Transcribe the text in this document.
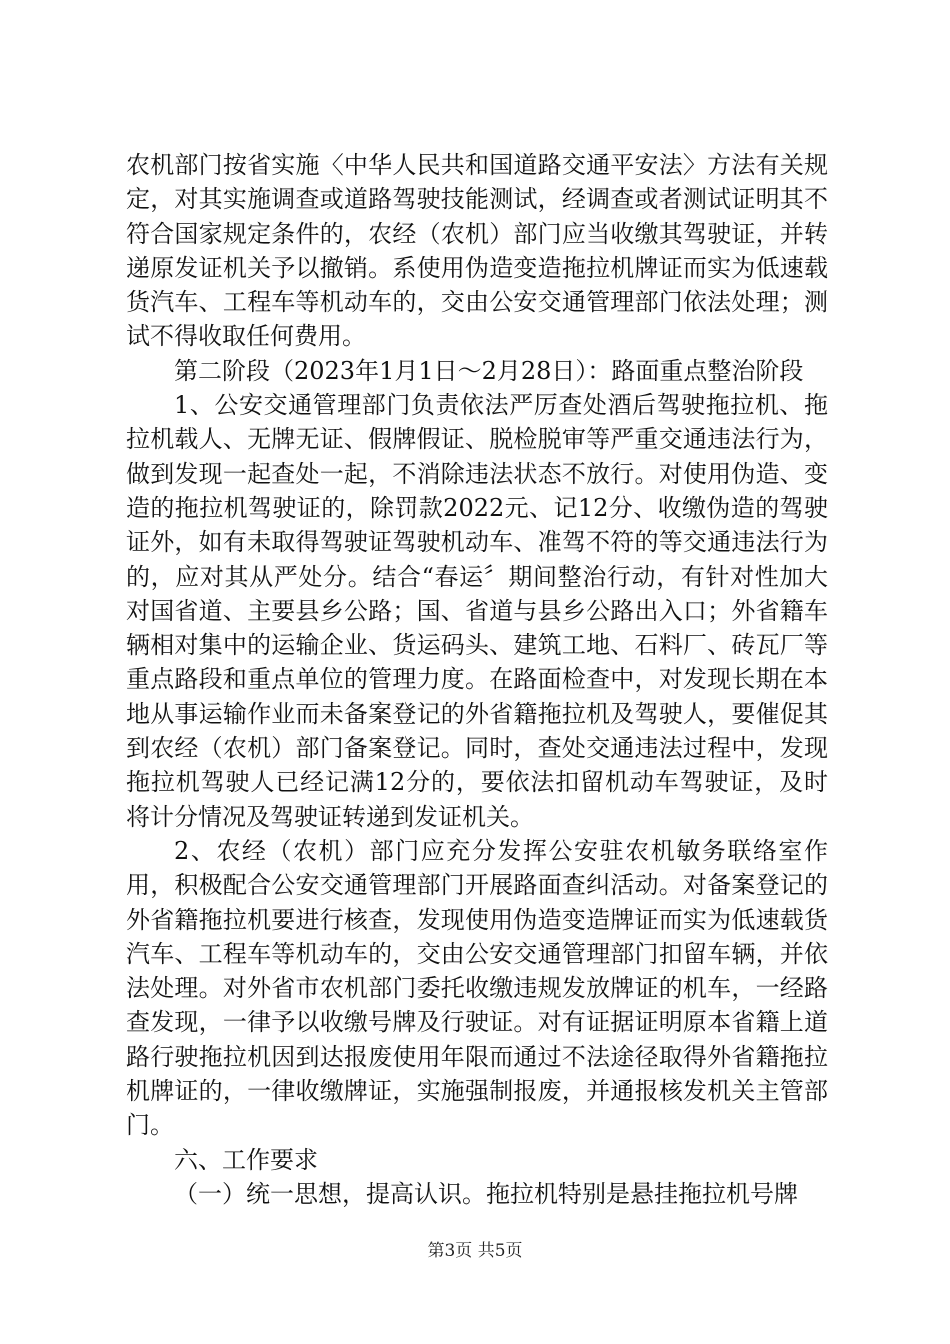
农机部门按省实施〈中华人民共和国道路交通平安法〉方法有关规定，对其实施调查或道路驾驶技能测试，经调查或者测试证明其不符合国家规定条件的，农经（农机）部门应当收缴其驾驶证，并转递原发证机关予以撤销。系使用伪造变造拖拉机牌证而实为低速载货汽车、工程车等机动车的，交由公安交通管理部门依法处理；测试不得收取任何费用。

第二阶段（2023年1月1日～2月28日）：路面重点整治阶段

1、公安交通管理部门负责依法严厉查处酒后驾驶拖拉机、拖拉机载人、无牌无证、假牌假证、脱检脱审等严重交通违法行为，做到发现一起查处一起，不消除违法状态不放行。对使用伪造、变造的拖拉机驾驶证的，除罚款2022元、记12分、收缴伪造的驾驶证外，如有未取得驾驶证驾驶机动车、准驾不符的等交通违法行为的，应对其从严处分。结合“春运〞期间整治行动，有针对性加大对国省道、主要县乡公路；国、省道与县乡公路出入口；外省籍车辆相对集中的运输企业、货运码头、建筑工地、石料厂、砖瓦厂等重点路段和重点单位的管理力度。在路面检查中，对发现长期在本地从事运输作业而未备案登记的外省籍拖拉机及驾驶人，要催促其到农经（农机）部门备案登记。同时，查处交通违法过程中，发现拖拉机驾驶人已经记满12分的，要依法扣留机动车驾驶证，及时将计分情况及驾驶证转递到发证机关。

2、农经（农机）部门应充分发挥公安驻农机敏务联络室作用，积极配合公安交通管理部门开展路面查纠活动。对备案登记的外省籍拖拉机要进行核查，发现使用伪造变造牌证而实为低速载货汽车、工程车等机动车的，交由公安交通管理部门扣留车辆，并依法处理。对外省市农机部门委托收缴违规发放牌证的机车，一经路查发现，一律予以收缴号牌及行驶证。对有证据证明原本省籍上道路行驶拖拉机因到达报废使用年限而通过不法途径取得外省籍拖拉机牌证的，一律收缴牌证，实施强制报废，并通报核发机关主管部门。

六、工作要求

（一）统一思想，提高认识。拖拉机特别是悬挂拖拉机号牌

第3页 共5页
